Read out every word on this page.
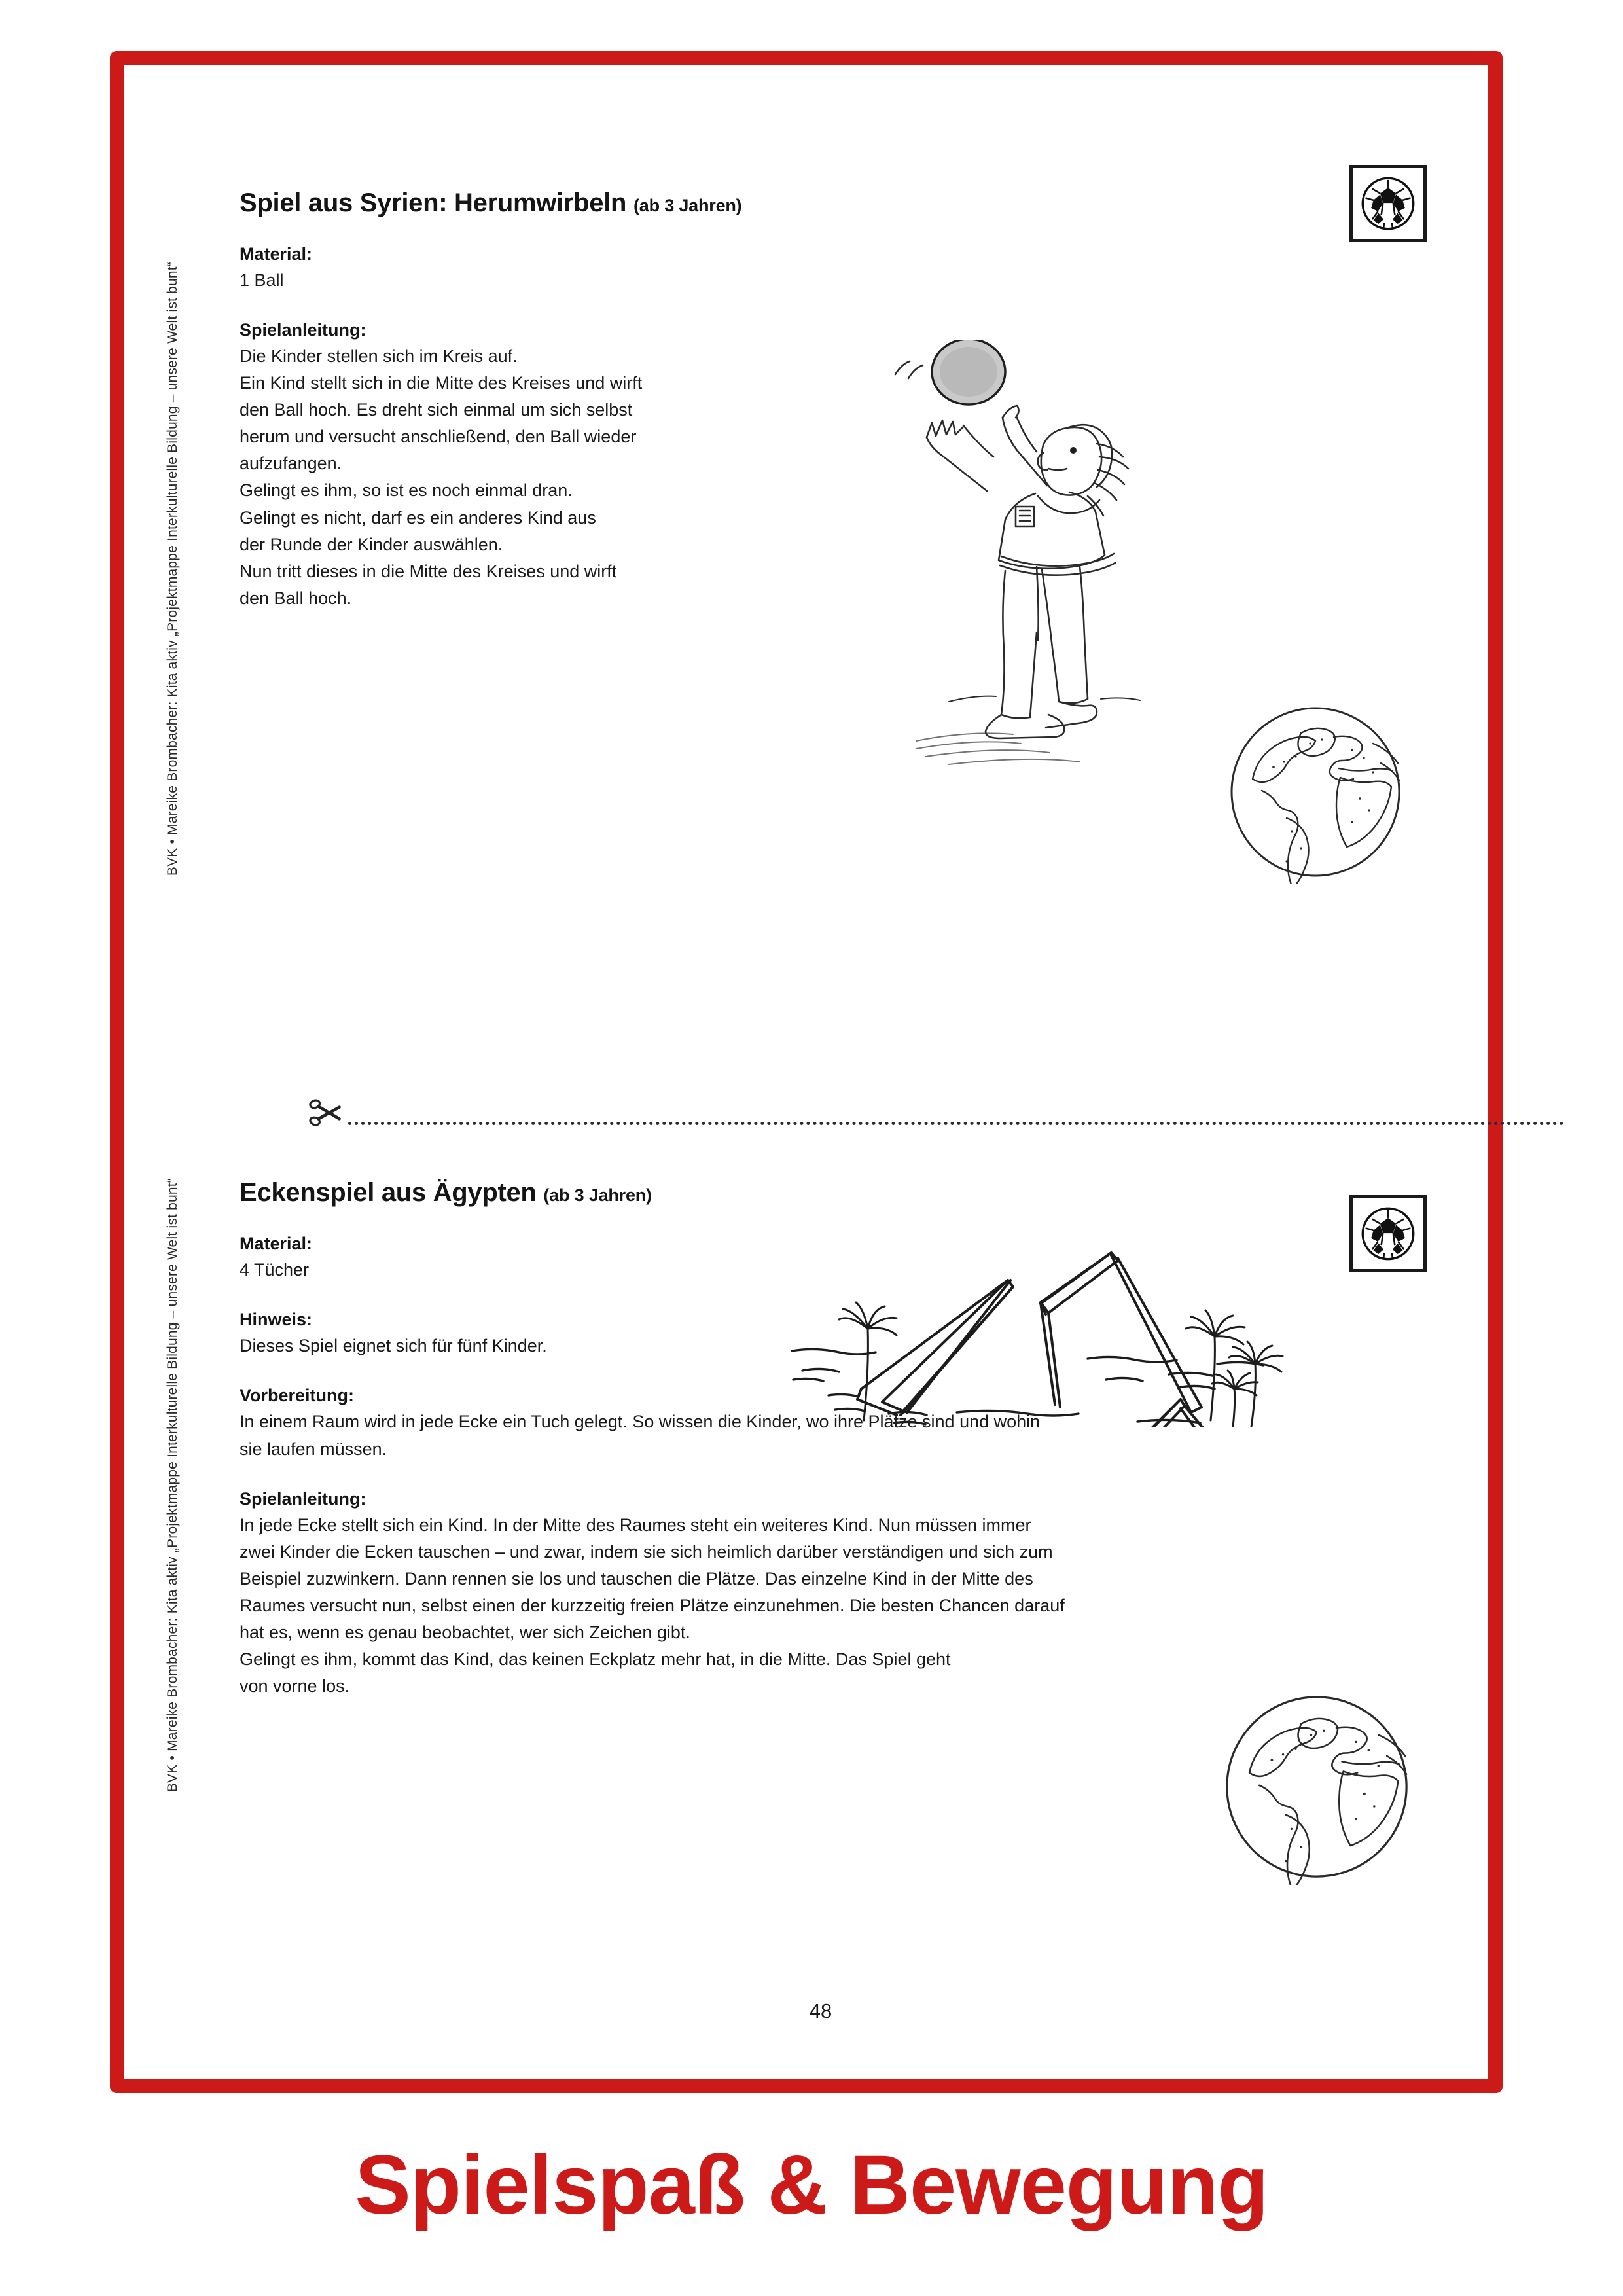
Spiel aus Syrien: Herumwirbeln (ab 3 Jahren)

Material:

1 Ball

Spielanleitung:

Die Kinder stellen sich im Kreis auf.

Ein Kind stellt sich in die Mitte des Kreises und wirft

den Ball hoch. Es dreht sich einmal um sich selbst

herum und versucht anschließend, den Ball wieder

aufzufangen.

Gelingt es ihm, so ist es noch einmal dran.

Gelingt es nicht, darf es ein anderes Kind aus

der Runde der Kinder auswählen.

Nun tritt dieses in die Mitte des Kreises und wirft

den Ball hoch.

Eckenspiel aus Ägypten (ab 3 Jahren)

Material:

4 Tücher

Hinweis:

Dieses Spiel eignet sich für fünf Kinder.

Vorbereitung:

In einem Raum wird in jede Ecke ein Tuch gelegt. So wissen die Kinder, wo ihre Plätze sind und wohin

sie laufen müssen.

Spielanleitung:

In jede Ecke stellt sich ein Kind. In der Mitte des Raumes steht ein weiteres Kind. Nun müssen immer

zwei Kinder die Ecken tauschen – und zwar, indem sie sich heimlich darüber verständigen und sich zum

Beispiel zuzwinkern. Dann rennen sie los und tauschen die Plätze. Das einzelne Kind in der Mitte des

Raumes versucht nun, selbst einen der kurzzeitig freien Plätze einzunehmen. Die besten Chancen darauf

hat es, wenn es genau beobachtet, wer sich Zeichen gibt.

Gelingt es ihm, kommt das Kind, das keinen Eckplatz mehr hat, in die Mitte. Das Spiel geht

von vorne los.

48
BVK • Mareike Brombacher: Kita aktiv „Projektmappe Interkulturelle Bildung – unsere Welt ist bunt“
BVK • Mareike Brombacher: Kita aktiv „Projektmappe Interkulturelle Bildung – unsere Welt ist bunt“
Spielspaß & Bewegung
